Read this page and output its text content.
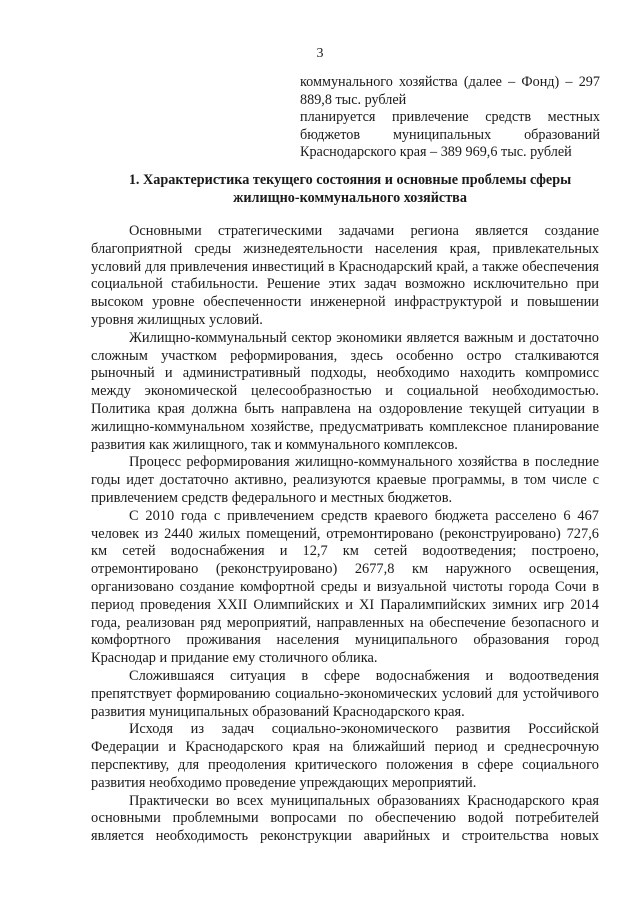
3

коммунального хозяйства (далее – Фонд) – 297 889,8 тыс. рублей

планируется привлечение средств местных бюджетов муниципальных образований Краснодарского края – 389 969,6 тыс. рублей

1. Характеристика текущего состояния и основные проблемы сферы жилищно-коммунального хозяйства

Основными стратегическими задачами региона является создание благоприятной среды жизнедеятельности населения края, привлекательных условий для привлечения инвестиций в Краснодарский край, а также обеспечения социальной стабильности. Решение этих задач возможно исключительно при высоком уровне обеспеченности инженерной инфраструктурой и повышении уровня жилищных условий.

Жилищно-коммунальный сектор экономики является важным и достаточно сложным участком реформирования, здесь особенно остро сталкиваются рыночный и административный подходы, необходимо находить компромисс между экономической целесообразностью и социальной необходимостью. Политика края должна быть направлена на оздоровление текущей ситуации в жилищно-коммунальном хозяйстве, предусматривать комплексное планирование развития как жилищного, так и коммунального комплексов.

Процесс реформирования жилищно-коммунального хозяйства в последние годы идет достаточно активно, реализуются краевые программы, в том числе с привлечением средств федерального и местных бюджетов.

С 2010 года с привлечением средств краевого бюджета расселено 6 467 человек из 2440 жилых помещений, отремонтировано (реконструировано) 727,6 км сетей водоснабжения и 12,7 км сетей водоотведения; построено, отремонтировано (реконструировано) 2677,8 км наружного освещения, организовано создание комфортной среды и визуальной чистоты города Сочи в период проведения XXII Олимпийских и XI Паралимпийских зимних игр 2014 года, реализован ряд мероприятий, направленных на обеспечение безопасного и комфортного проживания населения муниципального образования город Краснодар и придание ему столичного облика.

Сложившаяся ситуация в сфере водоснабжения и водоотведения препятствует формированию социально-экономических условий для устойчивого развития муниципальных образований Краснодарского края.

Исходя из задач социально-экономического развития Российской Федерации и Краснодарского края на ближайший период и среднесрочную перспективу, для преодоления критического положения в сфере социального развития необходимо проведение упреждающих мероприятий.

Практически во всех муниципальных образованиях Краснодарского края основными проблемными вопросами по обеспечению водой потребителей является необходимость реконструкции аварийных и строительства новых
